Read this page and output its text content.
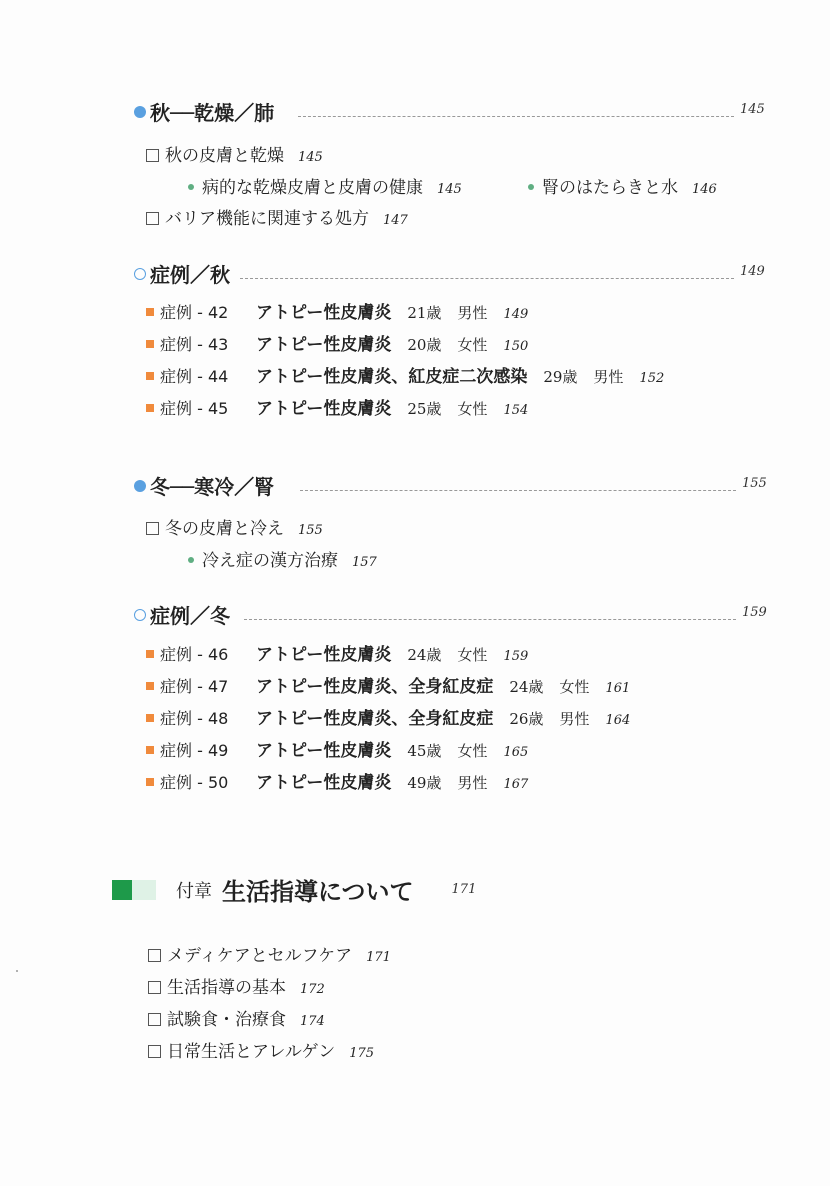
秋──乾燥／肺	145
秋の皮膚と乾燥 145
病的な乾燥皮膚と皮膚の健康 145	腎のはたらきと水 146
バリア機能に関連する処方 147
症例／秋	149
症例 - 42	アトピー性皮膚炎 21歳 男性 149
症例 - 43	アトピー性皮膚炎 20歳 女性 150
症例 - 44	アトピー性皮膚炎、紅皮症二次感染 29歳 男性 152
症例 - 45	アトピー性皮膚炎 25歳 女性 154
冬──寒冷／腎	155
冬の皮膚と冷え 155
冷え症の漢方治療 157
症例／冬	159
症例 - 46	アトピー性皮膚炎 24歳 女性 159
症例 - 47	アトピー性皮膚炎、全身紅皮症 24歳 女性 161
症例 - 48	アトピー性皮膚炎、全身紅皮症 26歳 男性 164
症例 - 49	アトピー性皮膚炎 45歳 女性 165
症例 - 50	アトピー性皮膚炎 49歳 男性 167
付章 生活指導について	171
メディケアとセルフケア 171
生活指導の基本 172
試験食・治療食 174
日常生活とアレルゲン 175
